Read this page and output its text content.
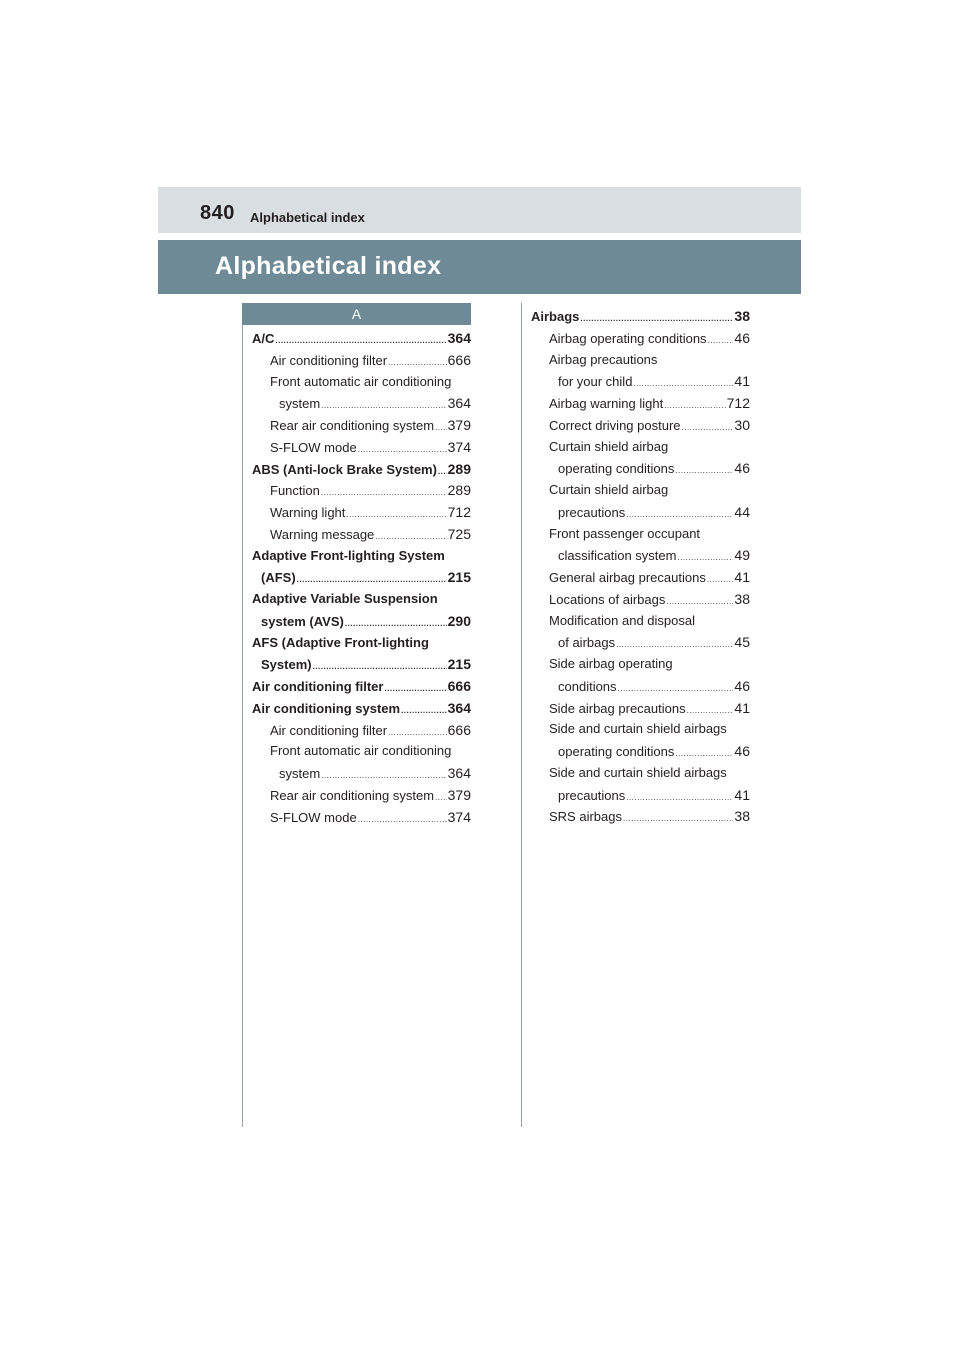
840 Alphabetical index
Alphabetical index
A
A/C .....	364
Air conditioning filter .....	666
Front automatic air conditioning
system .....	364
Rear air conditioning system ..... 379
S-FLOW mode .....	374
ABS (Anti-lock Brake System) ..... 289
Function .....	289
Warning light .....	712
Warning message .....	725
Adaptive Front-lighting System
(AFS) .....	215
Adaptive Variable Suspension
system (AVS) .....	290
AFS (Adaptive Front-lighting
System) .....	215
Air conditioning filter .....	666
Air conditioning system .....	364
Air conditioning filter .....	666
Front automatic air conditioning
system .....	364
Rear air conditioning system ..... 379
S-FLOW mode .....	374
Airbags .....	38
Airbag operating conditions ..... 46
Airbag precautions
for your child .....	41
Airbag warning light .....	712
Correct driving posture .....	30
Curtain shield airbag
operating conditions .....	46
Curtain shield airbag
precautions .....	44
Front passenger occupant
classification system .....	49
General airbag precautions ..... 41
Locations of airbags .....	38
Modification and disposal
of airbags .....	45
Side airbag operating
conditions .....	46
Side airbag precautions .....	41
Side and curtain shield airbags
operating conditions .....	46
Side and curtain shield airbags
precautions .....	41
SRS airbags .....	38
